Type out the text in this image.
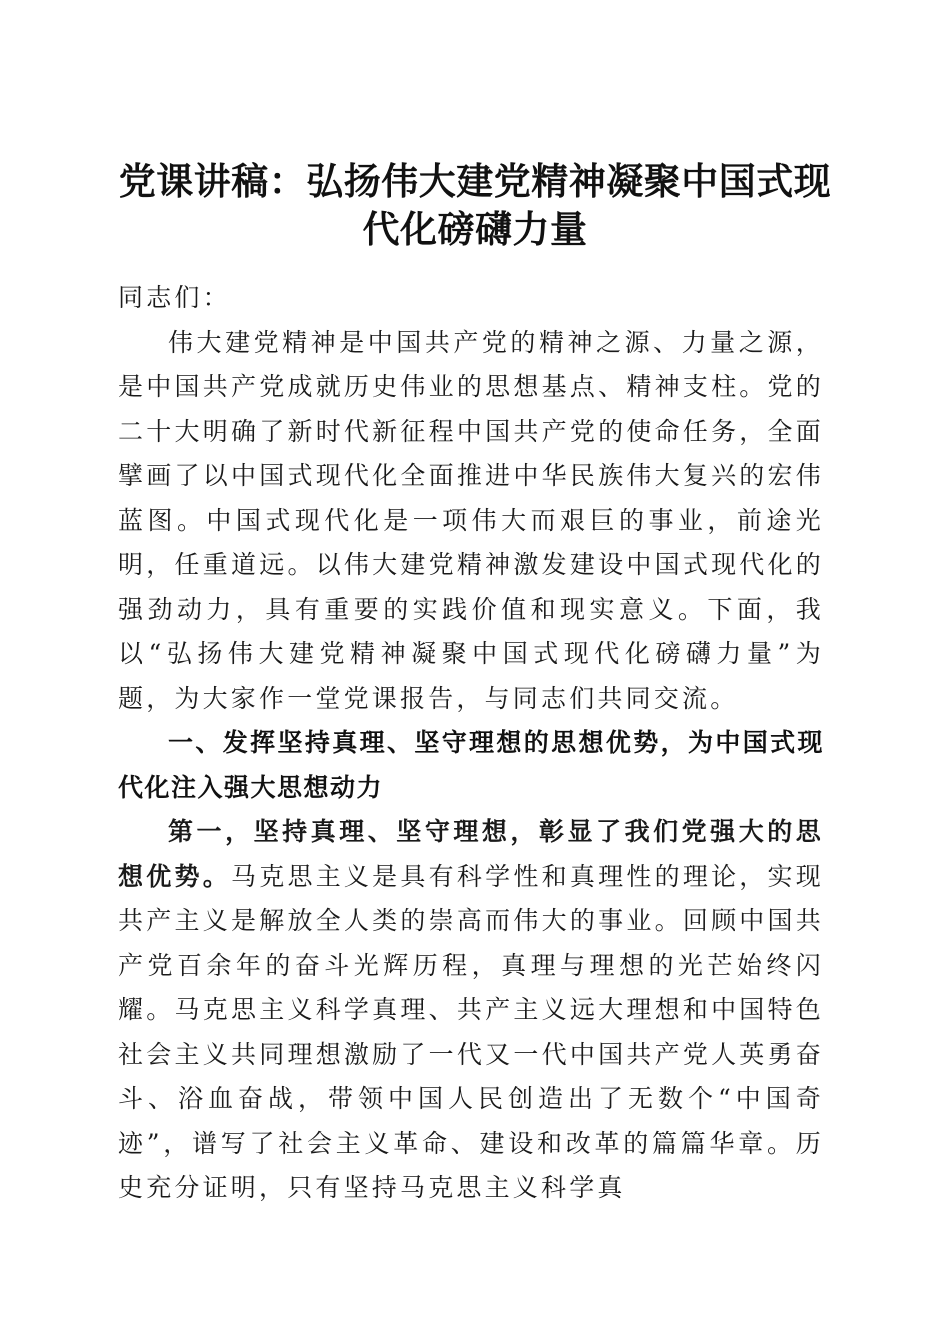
党课讲稿：弘扬伟大建党精神凝聚中国式现代化磅礴力量

同志们：

伟大建党精神是中国共产党的精神之源、力量之源，是中国共产党成就历史伟业的思想基点、精神支柱。党的二十大明确了新时代新征程中国共产党的使命任务，全面擘画了以中国式现代化全面推进中华民族伟大复兴的宏伟蓝图。中国式现代化是一项伟大而艰巨的事业，前途光明，任重道远。以伟大建党精神激发建设中国式现代化的强劲动力，具有重要的实践价值和现实意义。下面，我以“弘扬伟大建党精神凝聚中国式现代化磅礴力量”为题，为大家作一堂党课报告，与同志们共同交流。

一、发挥坚持真理、坚守理想的思想优势，为中国式现代化注入强大思想动力

第一，坚持真理、坚守理想，彰显了我们党强大的思想优势。马克思主义是具有科学性和真理性的理论，实现共产主义是解放全人类的崇高而伟大的事业。回顾中国共产党百余年的奋斗光辉历程，真理与理想的光芒始终闪耀。马克思主义科学真理、共产主义远大理想和中国特色社会主义共同理想激励了一代又一代中国共产党人英勇奋斗、浴血奋战，带领中国人民创造出了无数个“中国奇迹”，谱写了社会主义革命、建设和改革的篇篇华章。历史充分证明，只有坚持马克思主义科学真
